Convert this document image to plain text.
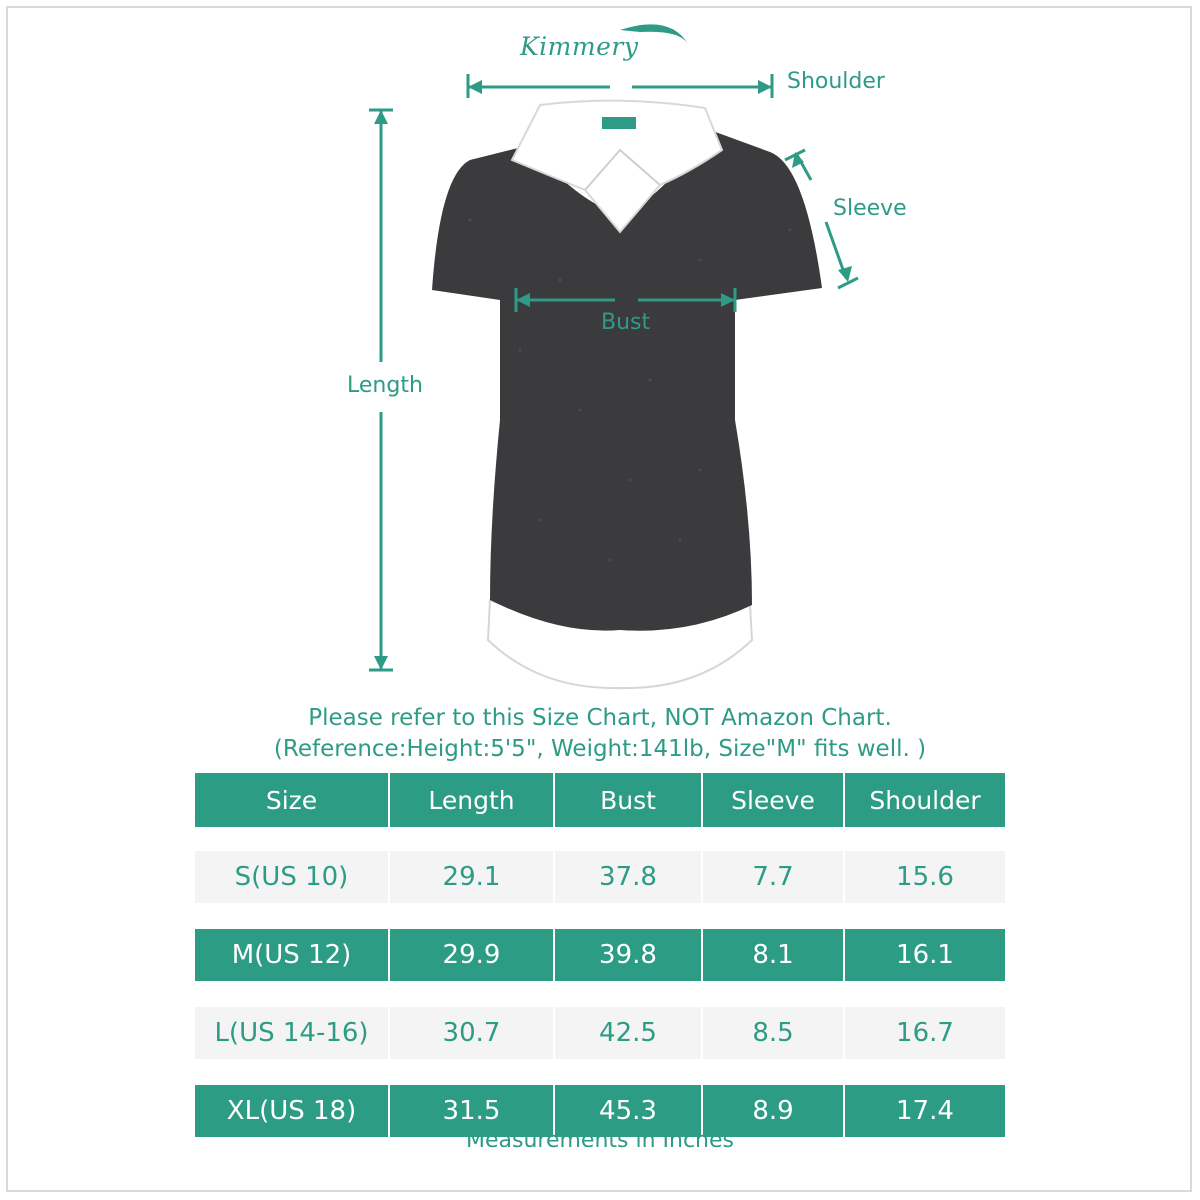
Kimmery
Shoulder
Sleeve
Bust
Length
Please refer to this Size Chart, NOT Amazon Chart.
(Reference:Height:5'5", Weight:141lb, Size"M" fits well. )
Size	Length	Bust	Sleeve	Shoulder
S(US 10)	29.1	37.8	7.7	15.6
M(US 12)	29.9	39.8	8.1	16.1
L(US 14-16)	30.7	42.5	8.5	16.7
XL(US 18)	31.5	45.3	8.9	17.4
Measurements in Inches
